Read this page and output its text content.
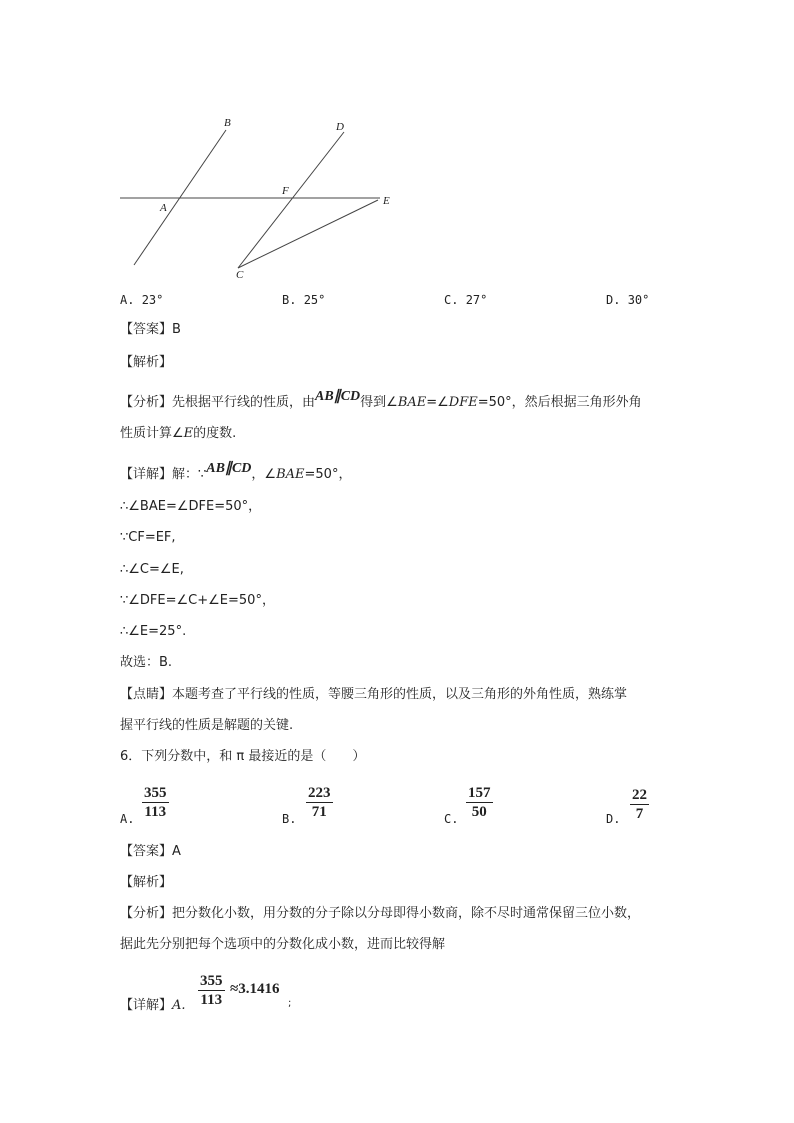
B	D
F
E
A
C
A. 23°	B. 25°	C. 27°	D. 30°
【答案】B
【解析】
【分析】先根据平行线的性质，由AB∥CD得到∠BAE=∠DFE=50°，然后根据三角形外角
性质计算∠E的度数.
【详解】解：∵AB∥CD，∠BAE=50°，
∴∠BAE=∠DFE=50°，
∵CF=EF,
∴∠C=∠E,
∵∠DFE=∠C+∠E=50°，
∴∠E=25°.
故选：B.
【点睛】本题考查了平行线的性质，等腰三角形的性质，以及三角形的外角性质，熟练掌
握平行线的性质是解题的关键.
6．下列分数中，和 π 最接近的是（　　）
A. $\frac{355}{113}$	B. $\frac{223}{71}$	C. $\frac{157}{50}$	D. $\frac{22}{7}$
【答案】A
【解析】
【分析】把分数化小数，用分数的分子除以分母即得小数商，除不尽时通常保留三位小数，
据此先分别把每个选项中的分数化成小数，进而比较得解
【详解】A. $\frac{355}{113} \approx 3.1416$
;
